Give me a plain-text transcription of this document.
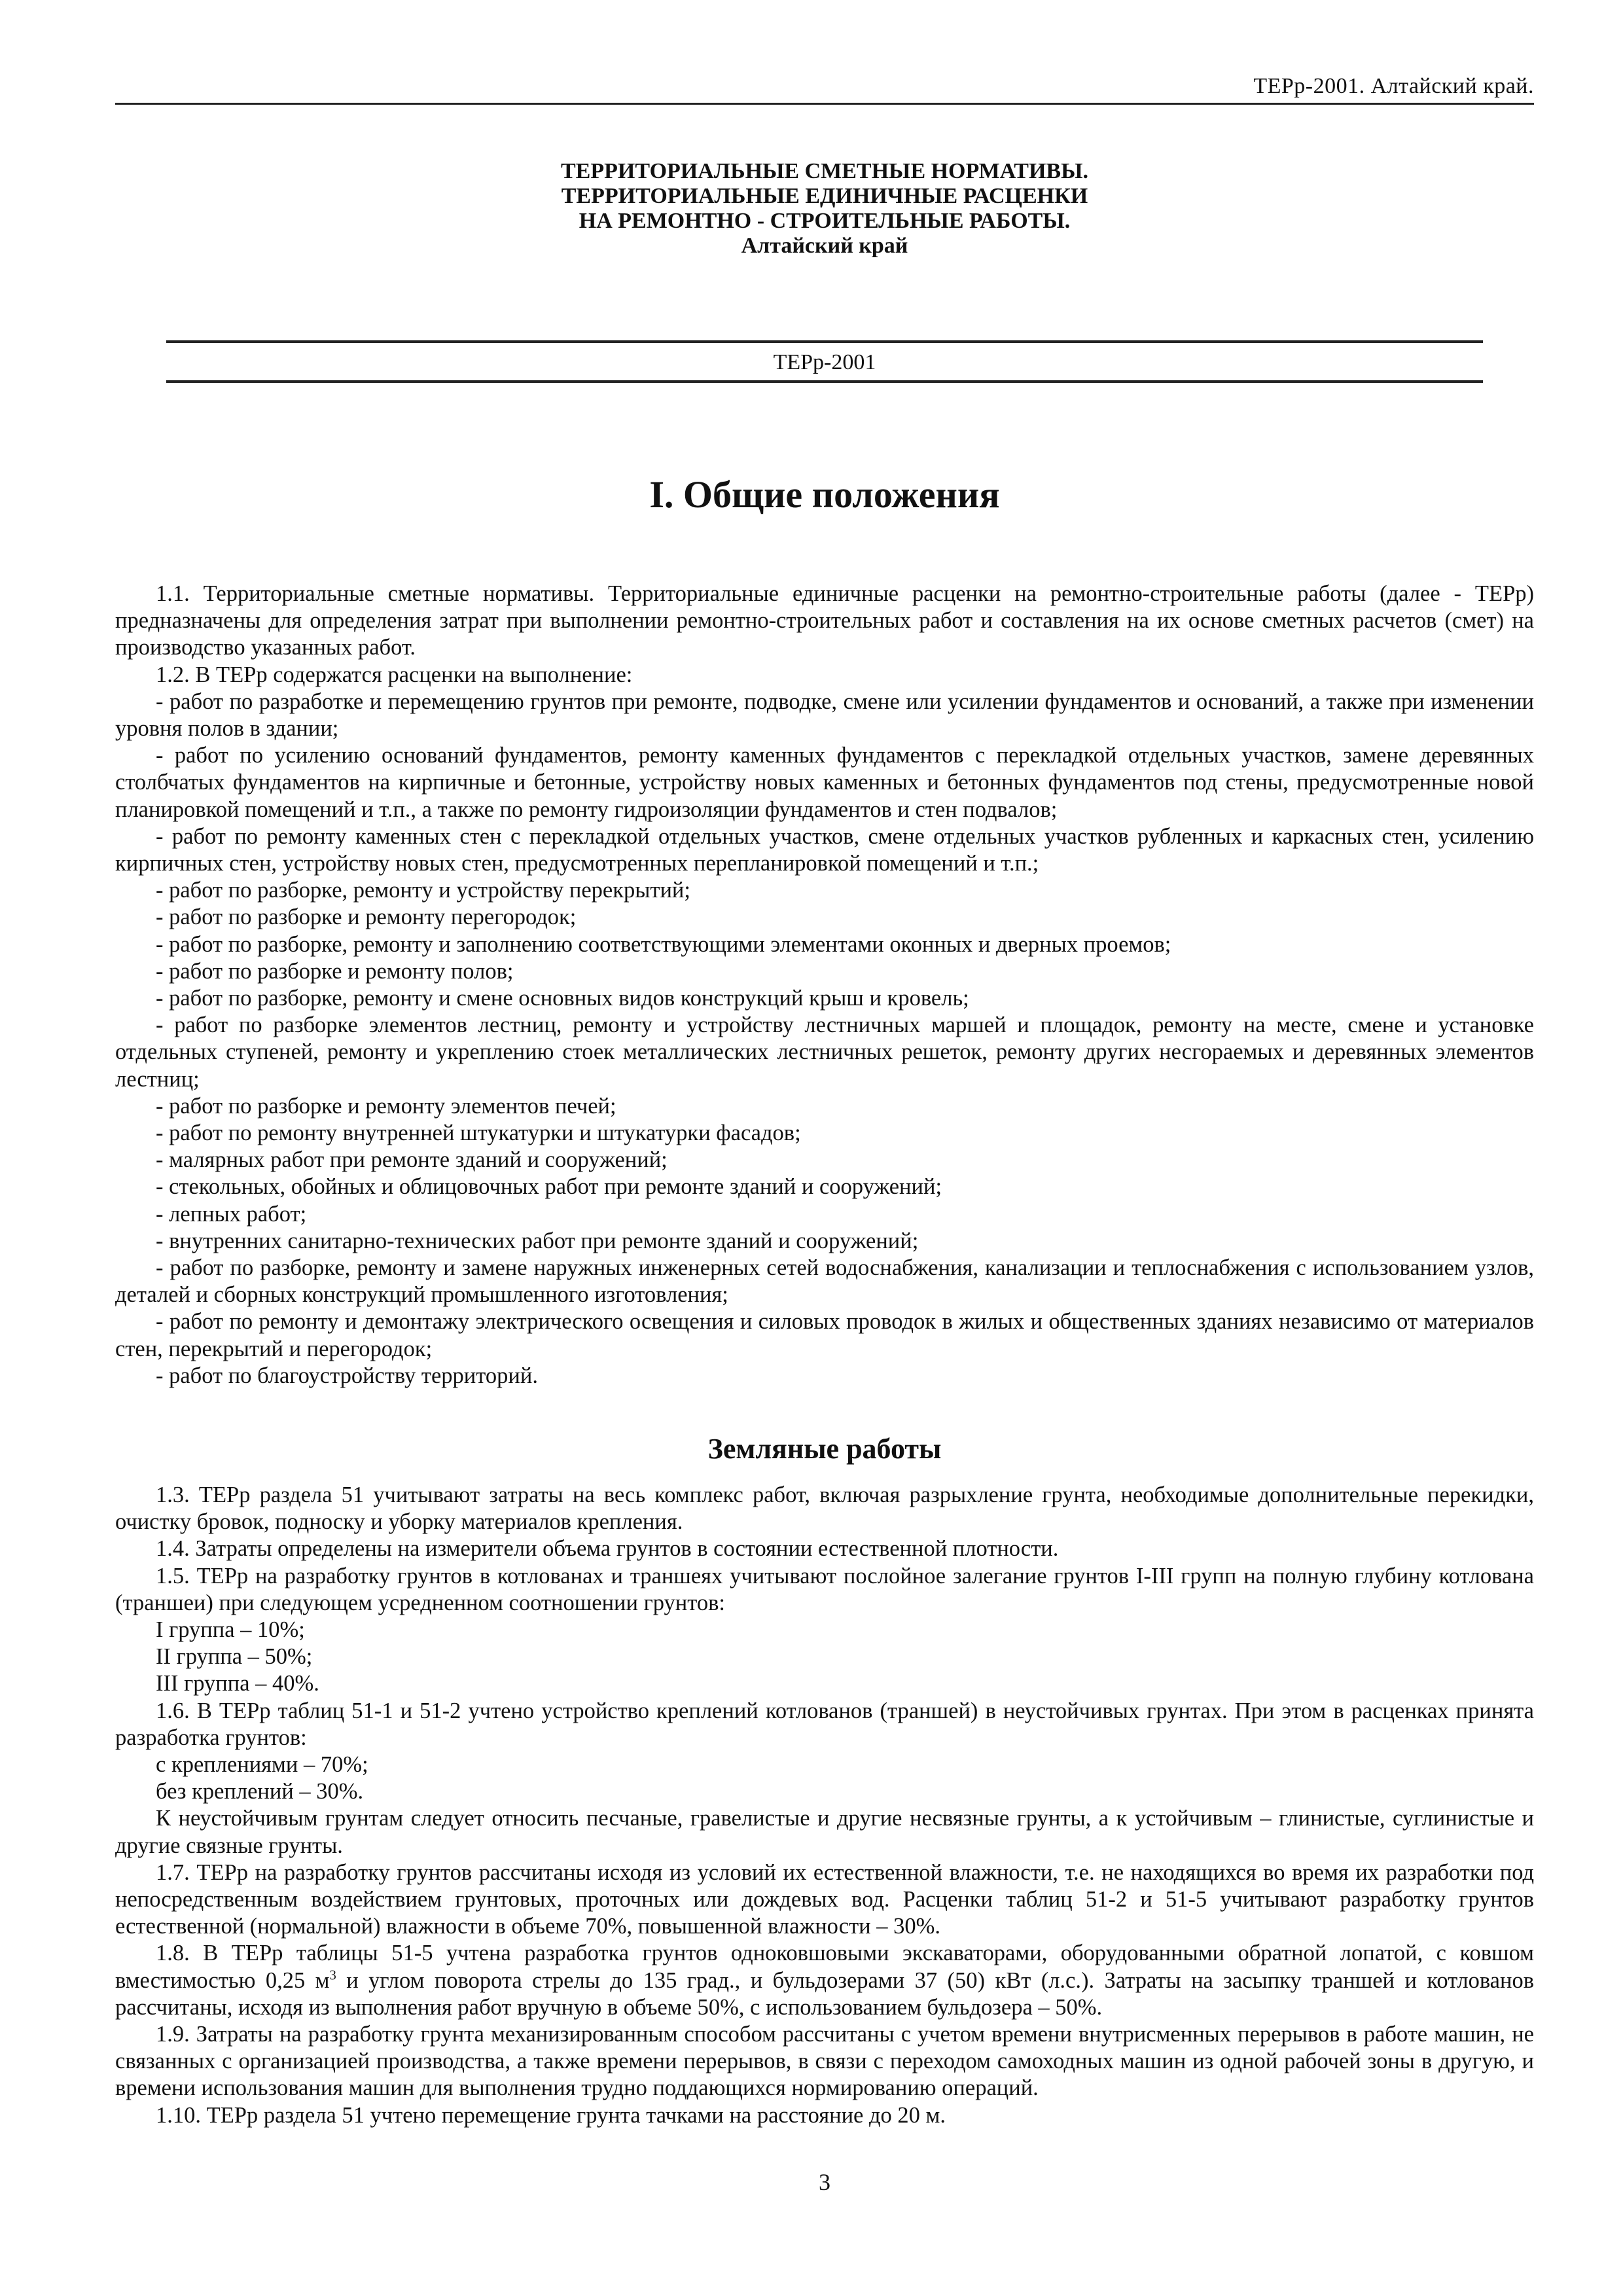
ТЕРр-2001. Алтайский край.
ТЕРРИТОРИАЛЬНЫЕ СМЕТНЫЕ НОРМАТИВЫ.
ТЕРРИТОРИАЛЬНЫЕ ЕДИНИЧНЫЕ РАСЦЕНКИ
НА РЕМОНТНО - СТРОИТЕЛЬНЫЕ РАБОТЫ.
Алтайский край
ТЕРр-2001
I. Общие положения

1.1. Территориальные сметные нормативы. Территориальные единичные расценки на ремонтно-строительные работы (далее - ТЕРр) предназначены для определения затрат при выполнении ремонтно-строительных работ и составления на их основе сметных расчетов (смет) на производство указанных работ.

1.2. В ТЕРр содержатся расценки на выполнение:

- работ по разработке и перемещению грунтов при ремонте, подводке, смене или усилении фундаментов и оснований, а также при изменении уровня полов в здании;

- работ по усилению оснований фундаментов, ремонту каменных фундаментов с перекладкой отдельных участков, замене деревянных столбчатых фундаментов на кирпичные и бетонные, устройству новых каменных и бетонных фундаментов под стены, предусмотренные новой планировкой помещений и т.п., а также по ремонту гидроизоляции фундаментов и стен подвалов;

- работ по ремонту каменных стен с перекладкой отдельных участков, смене отдельных участков рубленных и каркасных стен, усилению кирпичных стен, устройству новых стен, предусмотренных перепланировкой помещений и т.п.;

- работ по разборке, ремонту и устройству перекрытий;

- работ по разборке и ремонту перегородок;

- работ по разборке, ремонту и заполнению соответствующими элементами оконных и дверных проемов;

- работ по разборке и ремонту полов;

- работ по разборке, ремонту и смене основных видов конструкций крыш и кровель;

- работ по разборке элементов лестниц, ремонту и устройству лестничных маршей и площадок, ремонту на месте, смене и установке отдельных ступеней, ремонту и укреплению стоек металлических лестничных решеток, ремонту других несгораемых и деревянных элементов лестниц;

- работ по разборке и ремонту элементов печей;

- работ по ремонту внутренней штукатурки и штукатурки фасадов;

- малярных работ при ремонте зданий и сооружений;

- стекольных, обойных и облицовочных работ при ремонте зданий и сооружений;

- лепных работ;

- внутренних санитарно-технических работ при ремонте зданий и сооружений;

- работ по разборке, ремонту и замене наружных инженерных сетей водоснабжения, канализации и теплоснабжения с использованием узлов, деталей и сборных конструкций промышленного изготовления;

- работ по ремонту и демонтажу электрического освещения и силовых проводок в жилых и общественных зданиях независимо от материалов стен, перекрытий и перегородок;

- работ по благоустройству территорий.

Земляные работы

1.3. ТЕРр раздела 51 учитывают затраты на весь комплекс работ, включая разрыхление грунта, необходимые дополнительные перекидки, очистку бровок, подноску и уборку материалов крепления.

1.4. Затраты определены на измерители объема грунтов в состоянии естественной плотности.

1.5. ТЕРр на разработку грунтов в котлованах и траншеях учитывают послойное залегание грунтов I-III групп на полную глубину котлована (траншеи) при следующем усредненном соотношении грунтов:

I группа – 10%;

II группа – 50%;

III группа – 40%.

1.6. В ТЕРр таблиц 51-1 и 51-2 учтено устройство креплений котлованов (траншей) в неустойчивых грунтах. При этом в расценках принята разработка грунтов:

с креплениями – 70%;

без креплений – 30%.

К неустойчивым грунтам следует относить песчаные, гравелистые и другие несвязные грунты, а к устойчивым – глинистые, суглинистые и другие связные грунты.

1.7. ТЕРр на разработку грунтов рассчитаны исходя из условий их естественной влажности, т.е. не находящихся во время их разработки под непосредственным воздействием грунтовых, проточных или дождевых вод. Расценки таблиц 51-2 и 51-5 учитывают разработку грунтов естественной (нормальной) влажности в объеме 70%, повышенной влажности – 30%.

1.8. В ТЕРр таблицы 51-5 учтена разработка грунтов одноковшовыми экскаваторами, оборудованными обратной лопатой, с ковшом вместимостью 0,25 $м^3$ и углом поворота стрелы до 135 град., и бульдозерами 37 (50) кВт (л.с.). Затраты на засыпку траншей и котлованов рассчитаны, исходя из выполнения работ вручную в объеме 50%, с использованием бульдозера – 50%.

1.9. Затраты на разработку грунта механизированным способом рассчитаны с учетом времени внутрисменных перерывов в работе машин, не связанных с организацией производства, а также времени перерывов, в связи с переходом самоходных машин из одной рабочей зоны в другую, и времени использования машин для выполнения трудно поддающихся нормированию операций.

1.10. ТЕРр раздела 51 учтено перемещение грунта тачками на расстояние до 20 м.

3
